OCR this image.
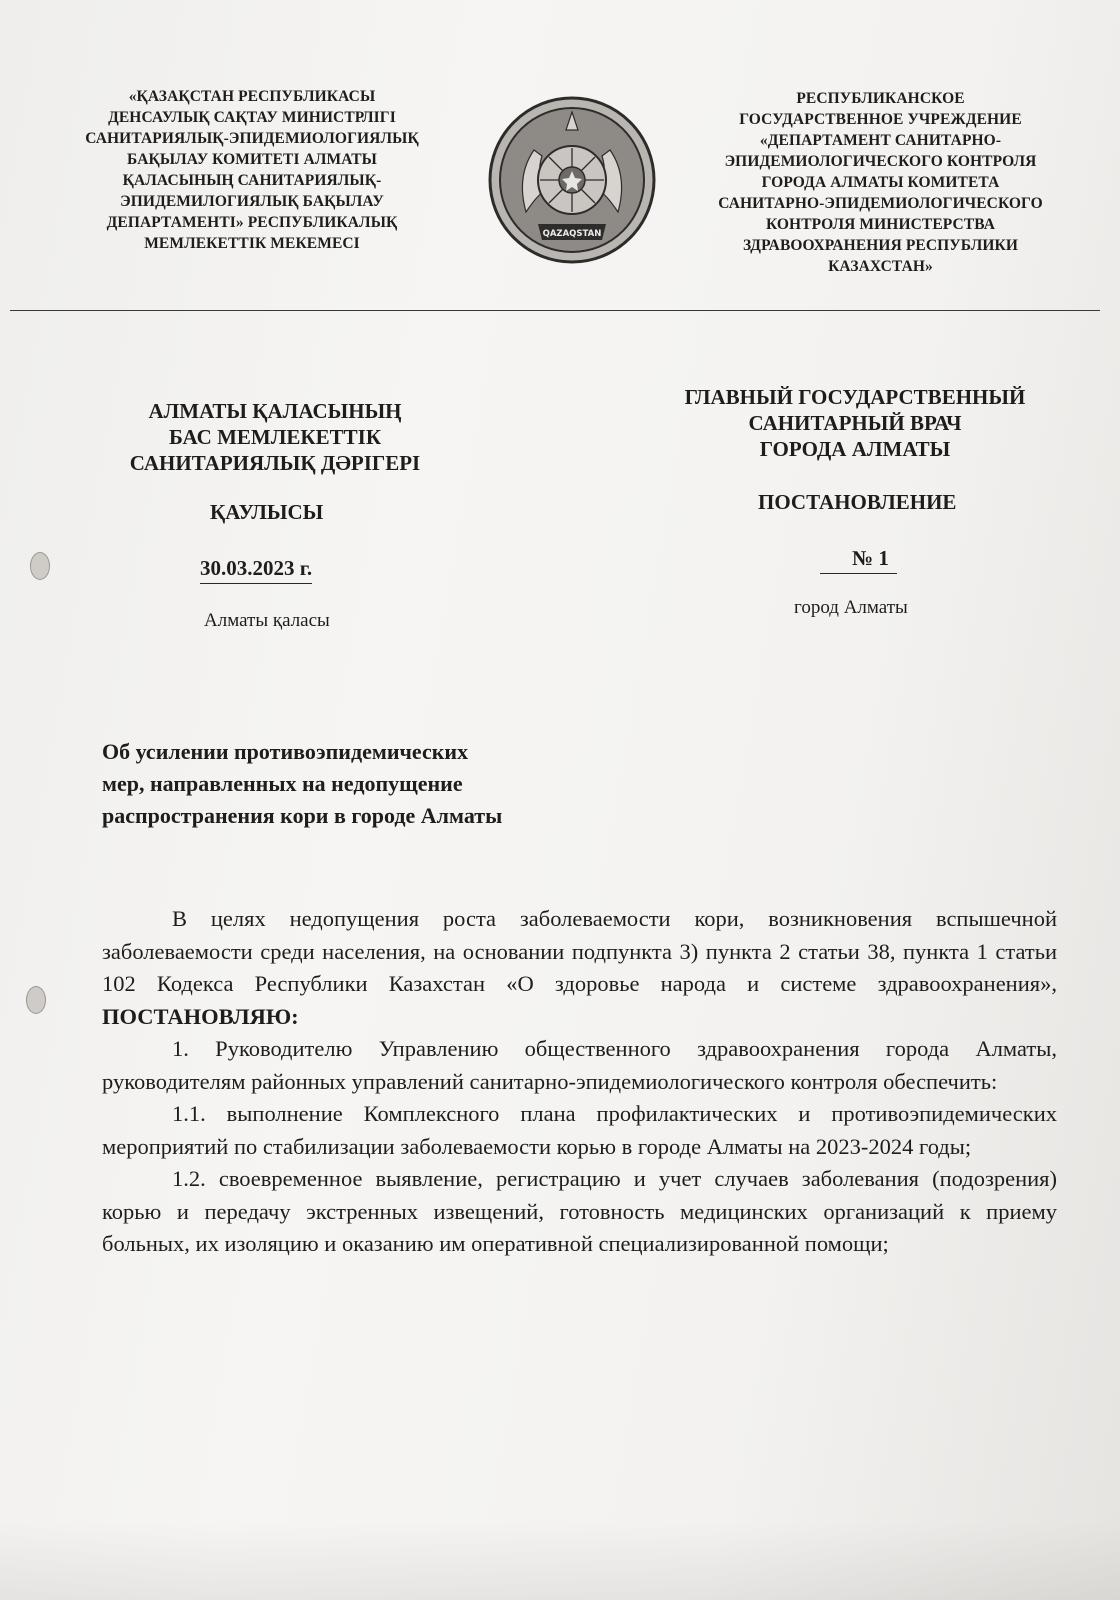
«ҚАЗАҚСТАН РЕСПУБЛИКАСЫ
ДЕНСАУЛЫҚ САҚТАУ МИНИСТРЛІГІ
САНИТАРИЯЛЫҚ-ЭПИДЕМИОЛОГИЯЛЫҚ
БАҚЫЛАУ КОМИТЕТІ АЛМАТЫ
ҚАЛАСЫНЫҢ САНИТАРИЯЛЫҚ-
ЭПИДЕМИЛОГИЯЛЫҚ БАҚЫЛАУ
ДЕПАРТАМЕНТІ» РЕСПУБЛИКАЛЫҚ
МЕМЛЕКЕТТІК МЕКЕМЕСІ
QAZAQSTAN
РЕСПУБЛИКАНСКОЕ
ГОСУДАРСТВЕННОЕ УЧРЕЖДЕНИЕ
«ДЕПАРТАМЕНТ САНИТАРНО-
ЭПИДЕМИОЛОГИЧЕСКОГО КОНТРОЛЯ
ГОРОДА АЛМАТЫ КОМИТЕТА
САНИТАРНО-ЭПИДЕМИОЛОГИЧЕСКОГО
КОНТРОЛЯ МИНИСТЕРСТВА
ЗДРАВООХРАНЕНИЯ РЕСПУБЛИКИ
КАЗАХСТАН»
АЛМАТЫ ҚАЛАСЫНЫҢ
БАС МЕМЛЕКЕТТІК
САНИТАРИЯЛЫҚ ДӘРІГЕРІ
ГЛАВНЫЙ ГОСУДАРСТВЕННЫЙ
САНИТАРНЫЙ ВРАЧ
ГОРОДА АЛМАТЫ
ҚАУЛЫСЫ	ПОСТАНОВЛЕНИЕ
30.03.2023 г.	№ 1
Алматы қаласы
город Алматы
Об усилении противоэпидемических
мер, направленных на недопущение
распространения кори в городе Алматы

В целях недопущения роста заболеваемости кори, возникновения вспышечной заболеваемости среди населения, на основании подпункта 3) пункта 2 статьи 38, пункта 1 статьи 102 Кодекса Республики Казахстан «О здоровье народа и системе здравоохранения», ПОСТАНОВЛЯЮ:

1. Руководителю Управлению общественного здравоохранения города Алматы, руководителям районных управлений санитарно-эпидемиологического контроля обеспечить:

1.1. выполнение Комплексного плана профилактических и противоэпидемических мероприятий по стабилизации заболеваемости корью в городе Алматы на 2023-2024 годы;

1.2. своевременное выявление, регистрацию и учет случаев заболевания (подозрения) корью и передачу экстренных извещений, готовность медицинских организаций к приему больных, их изоляцию и оказанию им оперативной специализированной помощи;
